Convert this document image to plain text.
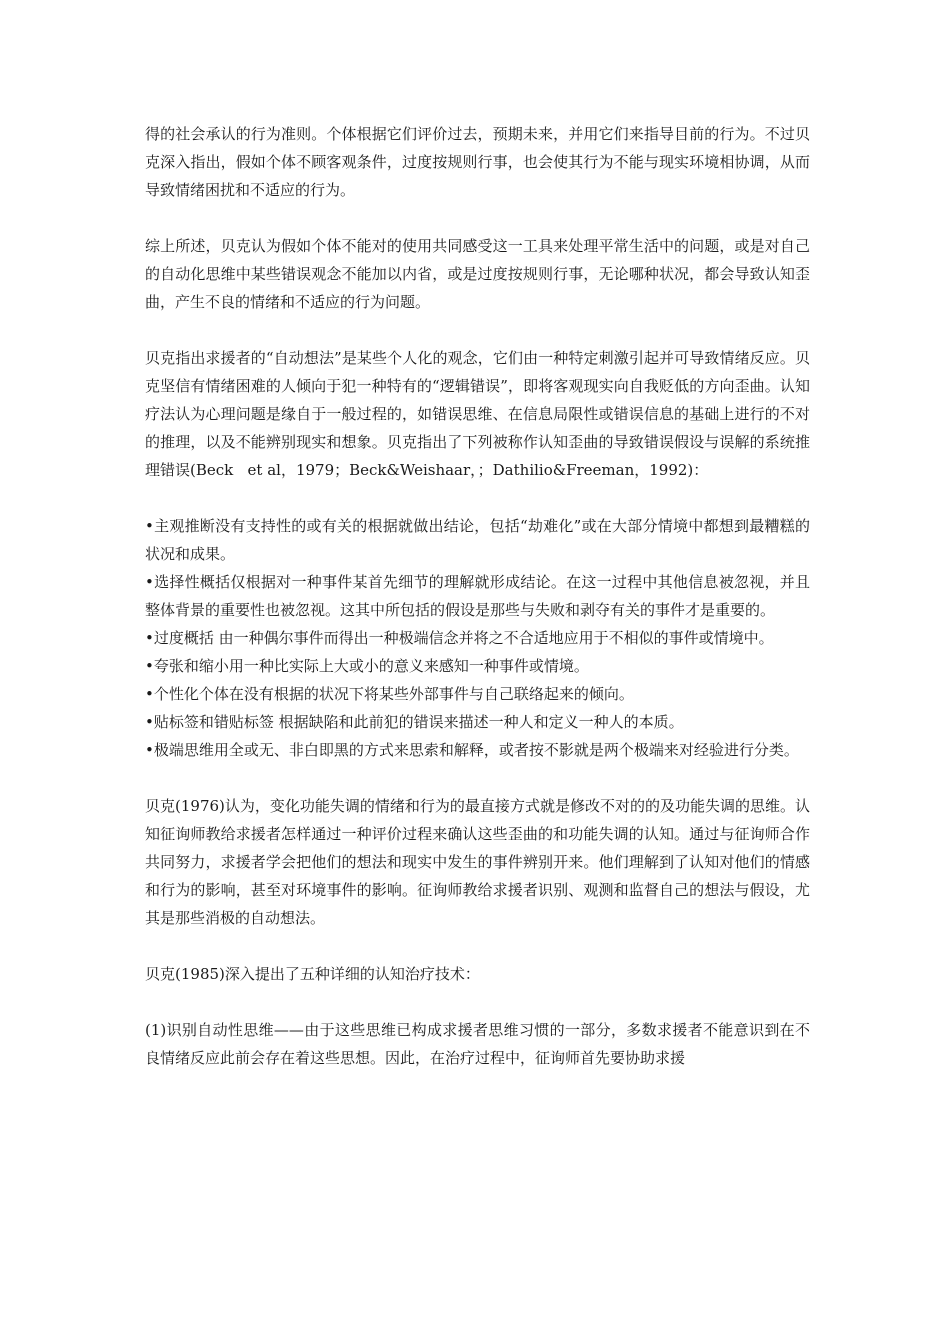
得的社会承认的行为准则。个体根据它们评价过去，预期未来，并用它们来指导目前的行为。不过贝克深入指出，假如个体不顾客观条件，过度按规则行事，也会使其行为不能与现实环境相协调，从而导致情绪困扰和不适应的行为。

综上所述，贝克认为假如个体不能对的使用共同感受这一工具来处理平常生活中的问题，或是对自己的自动化思维中某些错误观念不能加以内省，或是过度按规则行事，无论哪种状况，都会导致认知歪曲，产生不良的情绪和不适应的行为问题。

贝克指出求援者的“自动想法”是某些个人化的观念，它们由一种特定刺激引起并可导致情绪反应。贝克坚信有情绪困难的人倾向于犯一种特有的“逻辑错误”，即将客观现实向自我贬低的方向歪曲。认知疗法认为心理问题是缘自于一般过程的，如错误思维、在信息局限性或错误信息的基础上进行的不对的推理，以及不能辨别现实和想象。贝克指出了下列被称作认知歪曲的导致错误假设与误解的系统推理错误(Beck   et al，1979；Beck&Weishaar，；Dathilio&Freeman，1992)：

•主观推断没有支持性的或有关的根据就做出结论，包括“劫难化”或在大部分情境中都想到最糟糕的状况和成果。

•选择性概括仅根据对一种事件某首先细节的理解就形成结论。在这一过程中其他信息被忽视，并且整体背景的重要性也被忽视。这其中所包括的假设是那些与失败和剥夺有关的事件才是重要的。

•过度概括 由一种偶尔事件而得出一种极端信念并将之不合适地应用于不相似的事件或情境中。

•夸张和缩小用一种比实际上大或小的意义来感知一种事件或情境。

•个性化个体在没有根据的状况下将某些外部事件与自己联络起来的倾向。

•贴标签和错贴标签 根据缺陷和此前犯的错误来描述一种人和定义一种人的本质。

•极端思维用全或无、非白即黑的方式来思索和解释，或者按不影就是两个极端来对经验进行分类。

贝克(1976)认为，变化功能失调的情绪和行为的最直接方式就是修改不对的的及功能失调的思维。认知征询师教给求援者怎样通过一种评价过程来确认这些歪曲的和功能失调的认知。通过与征询师合作共同努力，求援者学会把他们的想法和现实中发生的事件辨别开来。他们理解到了认知对他们的情感和行为的影响，甚至对环境事件的影响。征询师教给求援者识别、观测和监督自己的想法与假设，尤其是那些消极的自动想法。

贝克(1985)深入提出了五种详细的认知治疗技术：

(1)识别自动性思维——由于这些思维已构成求援者思维习惯的一部分，多数求援者不能意识到在不良情绪反应此前会存在着这些思想。因此，在治疗过程中，征询师首先要协助求援
